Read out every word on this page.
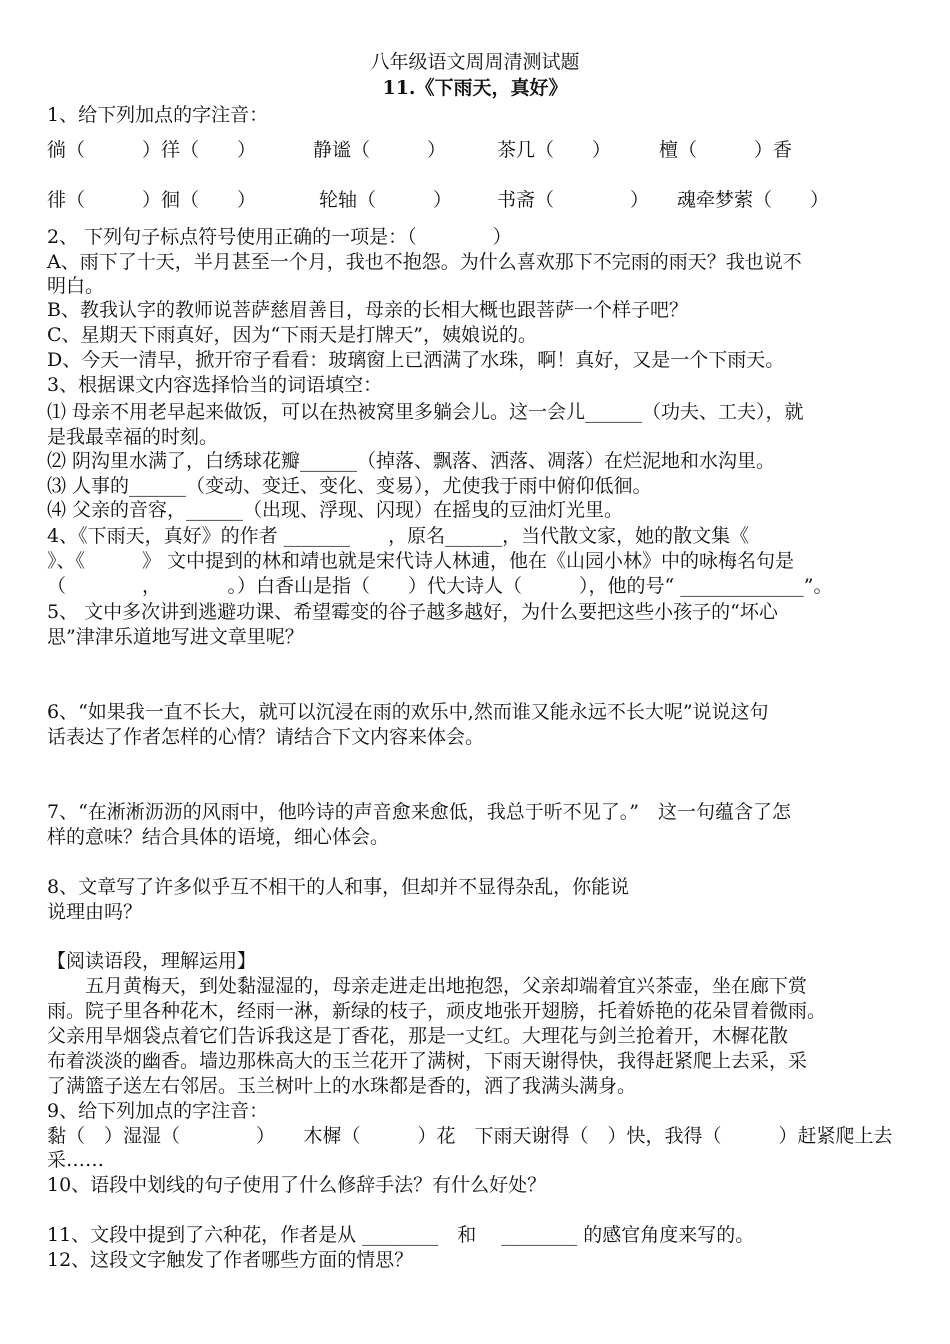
八年级语文周周清测试题
11.《下雨天，真好》
1、给下列加点的字注音：
徜（　　　）徉（　　）	静谧（　　　）	茶几（　　）	檀（　　　）香
徘（　　　）徊（　　）	轮轴（　　　） 书斋（　　　　） 魂牵梦萦（　　）
2、 下列句子标点符号使用正确的一项是：（　　　　）
A、雨下了十天，半月甚至一个月，我也不抱怨。为什么喜欢那下不完雨的雨天？我也说不
明白。
B、教我认字的教师说菩萨慈眉善目，母亲的长相大概也跟菩萨一个样子吧？
C、星期天下雨真好，因为“下雨天是打牌天”，姨娘说的。
D、今天一清早，掀开帘子看看：玻璃窗上已洒满了水珠，啊！真好，又是一个下雨天。
3、根据课文内容选择恰当的词语填空：
⑴ 母亲不用老早起来做饭，可以在热被窝里多躺会儿。这一会儿______（功夫、工夫），就
是我最幸福的时刻。
⑵ 阴沟里水满了，白绣球花瓣______（掉落、飘落、洒落、凋落）在烂泥地和水沟里。
⑶ 人事的______（变动、变迁、变化、变易），尤使我于雨中俯仰低徊。
⑷ 父亲的音容，______（出现、浮现、闪现）在摇曳的豆油灯光里。
4、《下雨天，真好》的作者 _______　　，原名______，当代散文家，她的散文集《
》、《　　　》 文中提到的林和靖也就是宋代诗人林逋，他在《山园小林》中的咏梅名句是
（　　　　，　　　　。）白香山是指（　　）代大诗人（　　　），他的号“ _____________”。
5、 文中多次讲到逃避功课、希望霉变的谷子越多越好，为什么要把这些小孩子的“坏心
思”津津乐道地写进文章里呢？
6、“如果我一直不长大，就可以沉浸在雨的欢乐中,然而谁又能永远不长大呢”说说这句
话表达了作者怎样的心情？请结合下文内容来体会。
7、“在淅淅沥沥的风雨中，他吟诗的声音愈来愈低，我总于听不见了。”　这一句蕴含了怎
样的意味？结合具体的语境，细心体会。
8、文章写了许多似乎互不相干的人和事，但却并不显得杂乱，你能说
说理由吗？
【阅读语段，理解运用】
　　五月黄梅天，到处黏湿湿的，母亲走进走出地抱怨，父亲却端着宜兴茶壶，坐在廊下赏
雨。院子里各种花木，经雨一淋，新绿的枝子，顽皮地张开翅膀，托着娇艳的花朵冒着微雨。
父亲用旱烟袋点着它们告诉我这是丁香花，那是一丈红。大理花与剑兰抢着开，木樨花散
布着淡淡的幽香。墙边那株高大的玉兰花开了满树，下雨天谢得快，我得赶紧爬上去采，采
了满篮子送左右邻居。玉兰树叶上的水珠都是香的，洒了我满头满身。
9、给下列加点的字注音：
黏（　）湿湿（　　　　）　　木樨（　　　）花　下雨天谢得（　）快，我得（　　　）赶紧爬上去
采……
10、语段中划线的句子使用了什么修辞手法？有什么好处？
11、文段中提到了六种花，作者是从 ________　和　 ________ 的感官角度来写的。
12、这段文字触发了作者哪些方面的情思？
